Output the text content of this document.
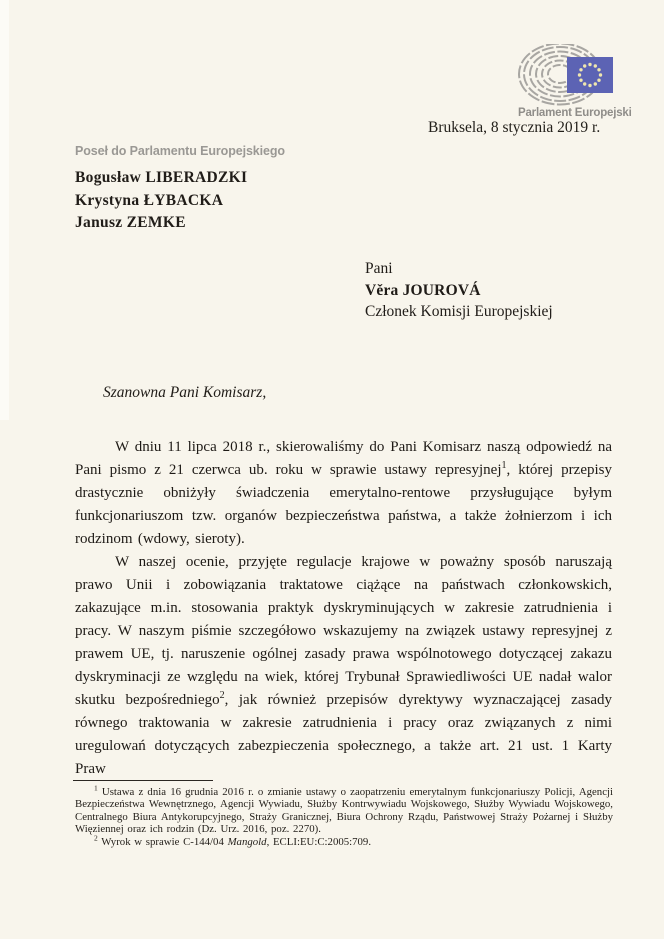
Parlament Europejski
Bruksela, 8 stycznia 2019 r.

Poseł do Parlamentu Europejskiego

Bogusław LIBERADZKI

Krystyna ŁYBACKA

Janusz ZEMKE

Pani

Věra JOUROVÁ

Członek Komisji Europejskiej

Szanowna Pani Komisarz,

W dniu 11 lipca 2018 r., skierowaliśmy do Pani Komisarz naszą odpowiedź na Pani pismo z 21 czerwca ub. roku w sprawie ustawy represyjnej$^1$, której przepisy drastycznie obniżyły świadczenia emerytalno-rentowe przysługujące byłym funkcjonariuszom tzw. organów bezpieczeństwa państwa, a także żołnierzom i ich rodzinom (wdowy, sieroty).

W naszej ocenie, przyjęte regulacje krajowe w poważny sposób naruszają prawo Unii i zobowiązania traktatowe ciążące na państwach członkowskich, zakazujące m.in. stosowania praktyk dyskryminujących w zakresie zatrudnienia i pracy. W naszym piśmie szczegółowo wskazujemy na związek ustawy represyjnej z prawem UE, tj. naruszenie ogólnej zasady prawa wspólnotowego dotyczącej zakazu dyskryminacji ze względu na wiek, której Trybunał Sprawiedliwości UE nadał walor skutku bezpośredniego$^2$, jak również przepisów dyrektywy wyznaczającej zasady równego traktowania w zakresie zatrudnienia i pracy oraz związanych z nimi uregulowań dotyczących zabezpieczenia społecznego, a także art. 21 ust. 1 Karty Praw

$^1$ Ustawa z dnia 16 grudnia 2016 r. o zmianie ustawy o zaopatrzeniu emerytalnym funkcjonariuszy Policji, Agencji Bezpieczeństwa Wewnętrznego, Agencji Wywiadu, Służby Kontrwywiadu Wojskowego, Służby Wywiadu Wojskowego, Centralnego Biura Antykorupcyjnego, Straży Granicznej, Biura Ochrony Rządu, Państwowej Straży Pożarnej i Służby Więziennej oraz ich rodzin (Dz. Urz. 2016, poz. 2270).

$^2$ Wyrok w sprawie C-144/04 Mangold, ECLI:EU:C:2005:709.
